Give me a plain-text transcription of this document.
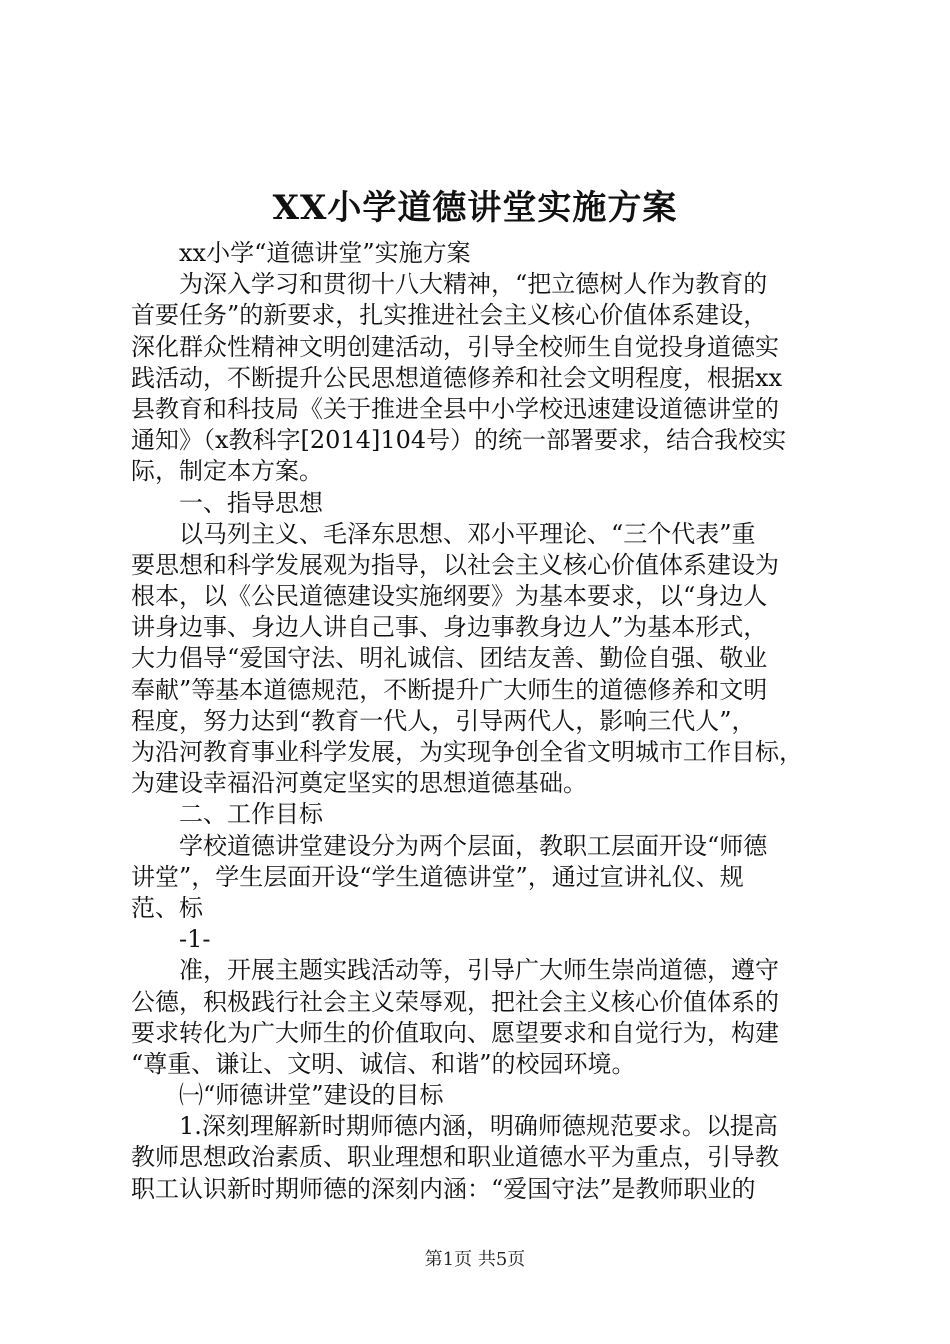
XX小学道德讲堂实施方案
xx小学“道德讲堂”实施方案
为深入学习和贯彻十八大精神，“把立德树人作为教育的
首要任务”的新要求，扎实推进社会主义核心价值体系建设，
深化群众性精神文明创建活动，引导全校师生自觉投身道德实
践活动，不断提升公民思想道德修养和社会文明程度，根据xx
县教育和科技局《关于推进全县中小学校迅速建设道德讲堂的
通知》（x教科字[2014]104号）的统一部署要求，结合我校实
际，制定本方案。
一、指导思想
以马列主义、毛泽东思想、邓小平理论、“三个代表”重
要思想和科学发展观为指导，以社会主义核心价值体系建设为
根本，以《公民道德建设实施纲要》为基本要求，以“身边人
讲身边事、身边人讲自己事、身边事教身边人”为基本形式，
大力倡导“爱国守法、明礼诚信、团结友善、勤俭自强、敬业
奉献”等基本道德规范，不断提升广大师生的道德修养和文明
程度，努力达到“教育一代人，引导两代人，影响三代人”，
为沿河教育事业科学发展，为实现争创全省文明城市工作目标，
为建设幸福沿河奠定坚实的思想道德基础。
二、工作目标
学校道德讲堂建设分为两个层面，教职工层面开设“师德
讲堂”，学生层面开设“学生道德讲堂”，通过宣讲礼仪、规
范、标
-1-
准，开展主题实践活动等，引导广大师生崇尚道德，遵守
公德，积极践行社会主义荣辱观，把社会主义核心价值体系的
要求转化为广大师生的价值取向、愿望要求和自觉行为，构建
“尊重、谦让、文明、诚信、和谐”的校园环境。
㈠“师德讲堂”建设的目标
1.深刻理解新时期师德内涵，明确师德规范要求。以提高
教师思想政治素质、职业理想和职业道德水平为重点，引导教
职工认识新时期师德的深刻内涵：“爱国守法”是教师职业的
第1页 共5页
